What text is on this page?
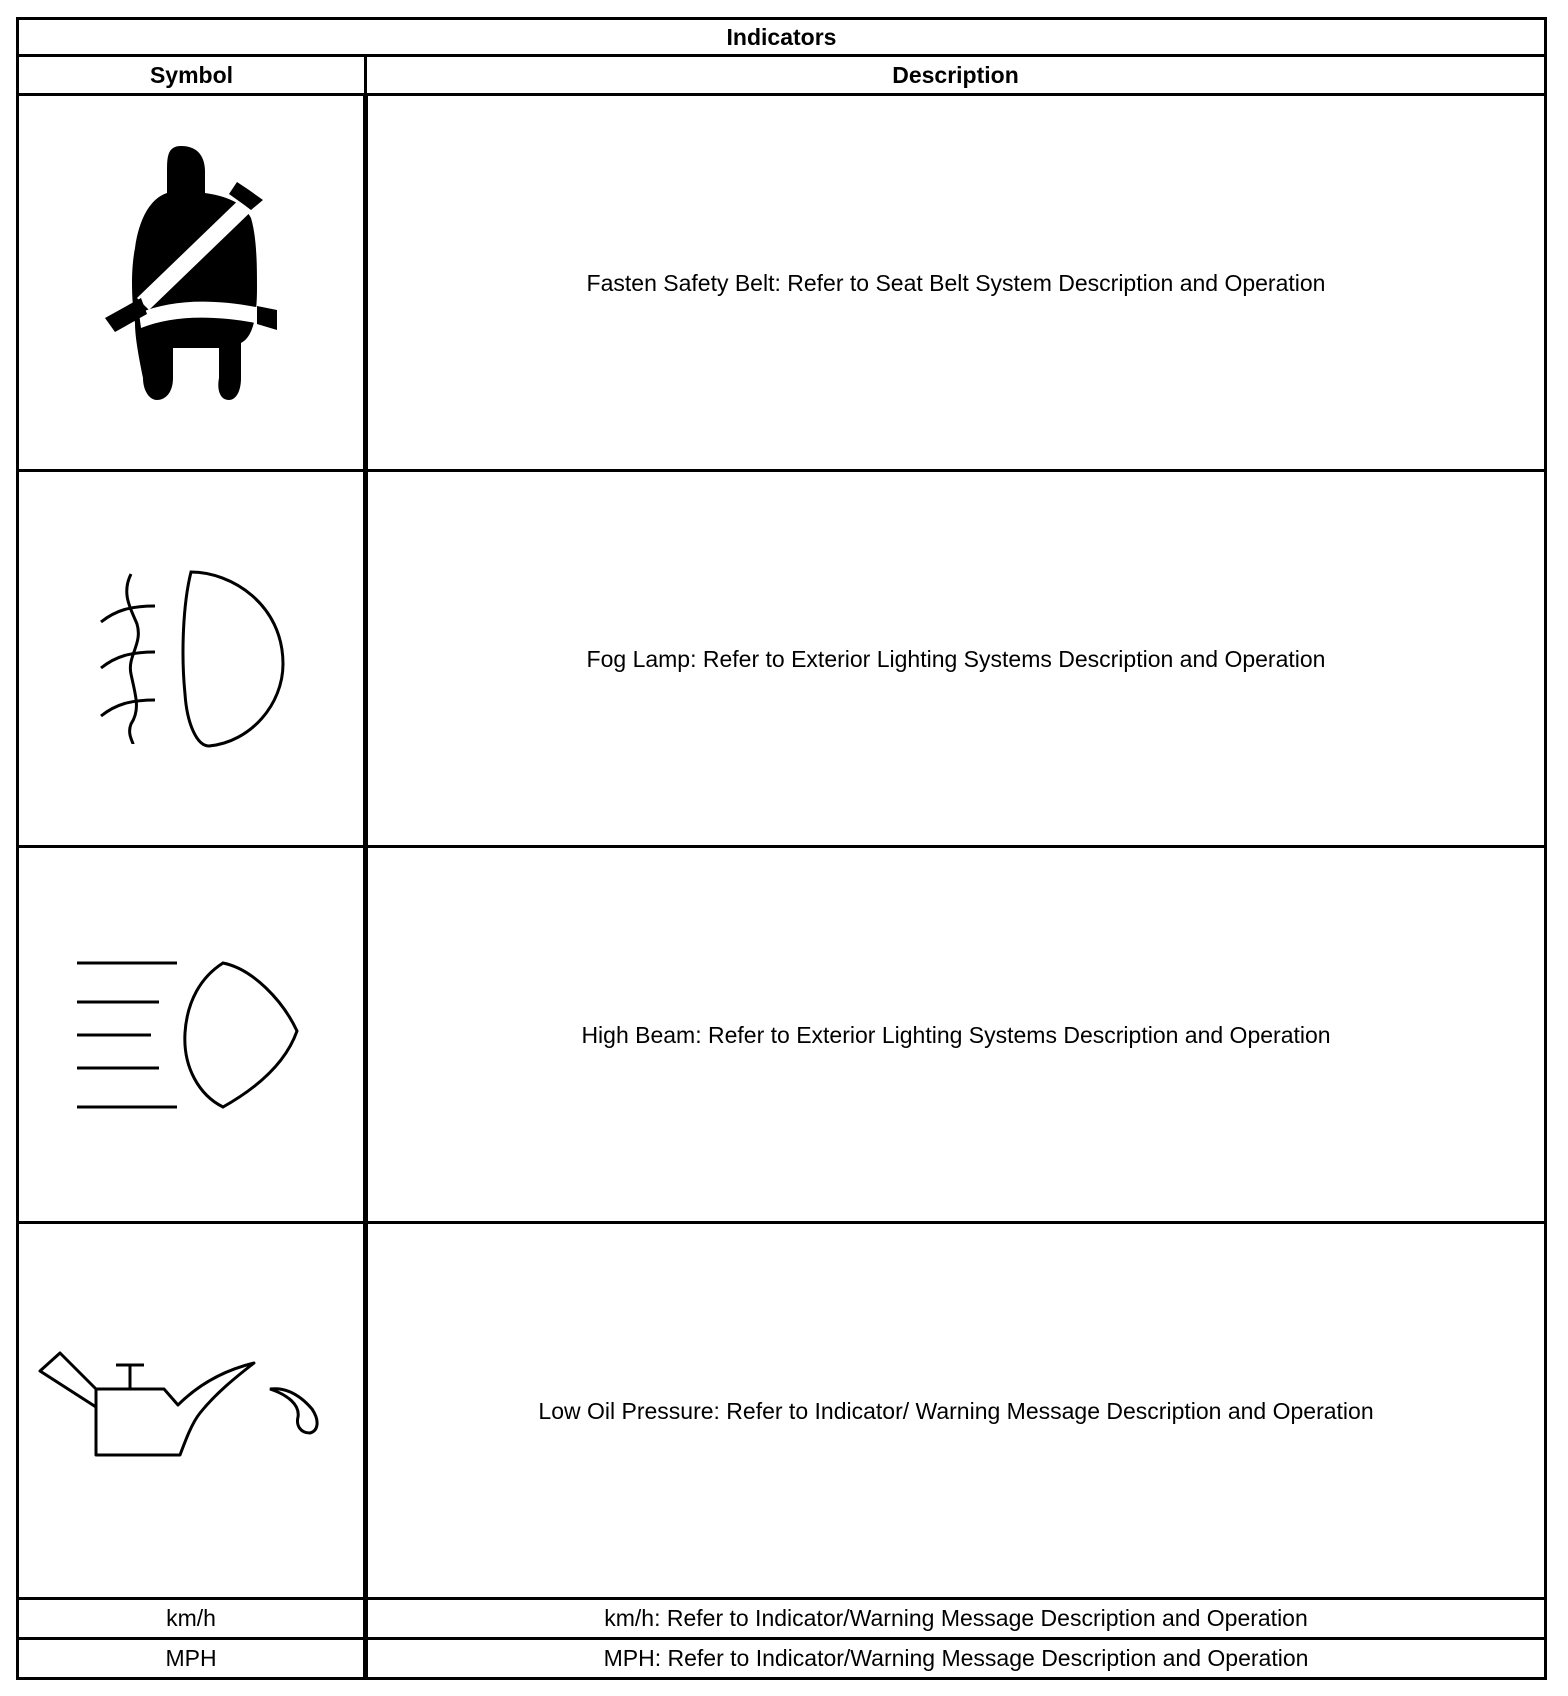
Indicators	
Symbol	Description

	Fasten Safety Belt: Refer to Seat Belt System Description and Operation

	Fog Lamp: Refer to Exterior Lighting Systems Description and Operation

	High Beam: Refer to Exterior Lighting Systems Description and Operation

	Low Oil Pressure: Refer to Indicator/ Warning Message Description and Operation
km/h	km/h: Refer to Indicator/Warning Message Description and Operation
MPH	MPH: Refer to Indicator/Warning Message Description and Operation
